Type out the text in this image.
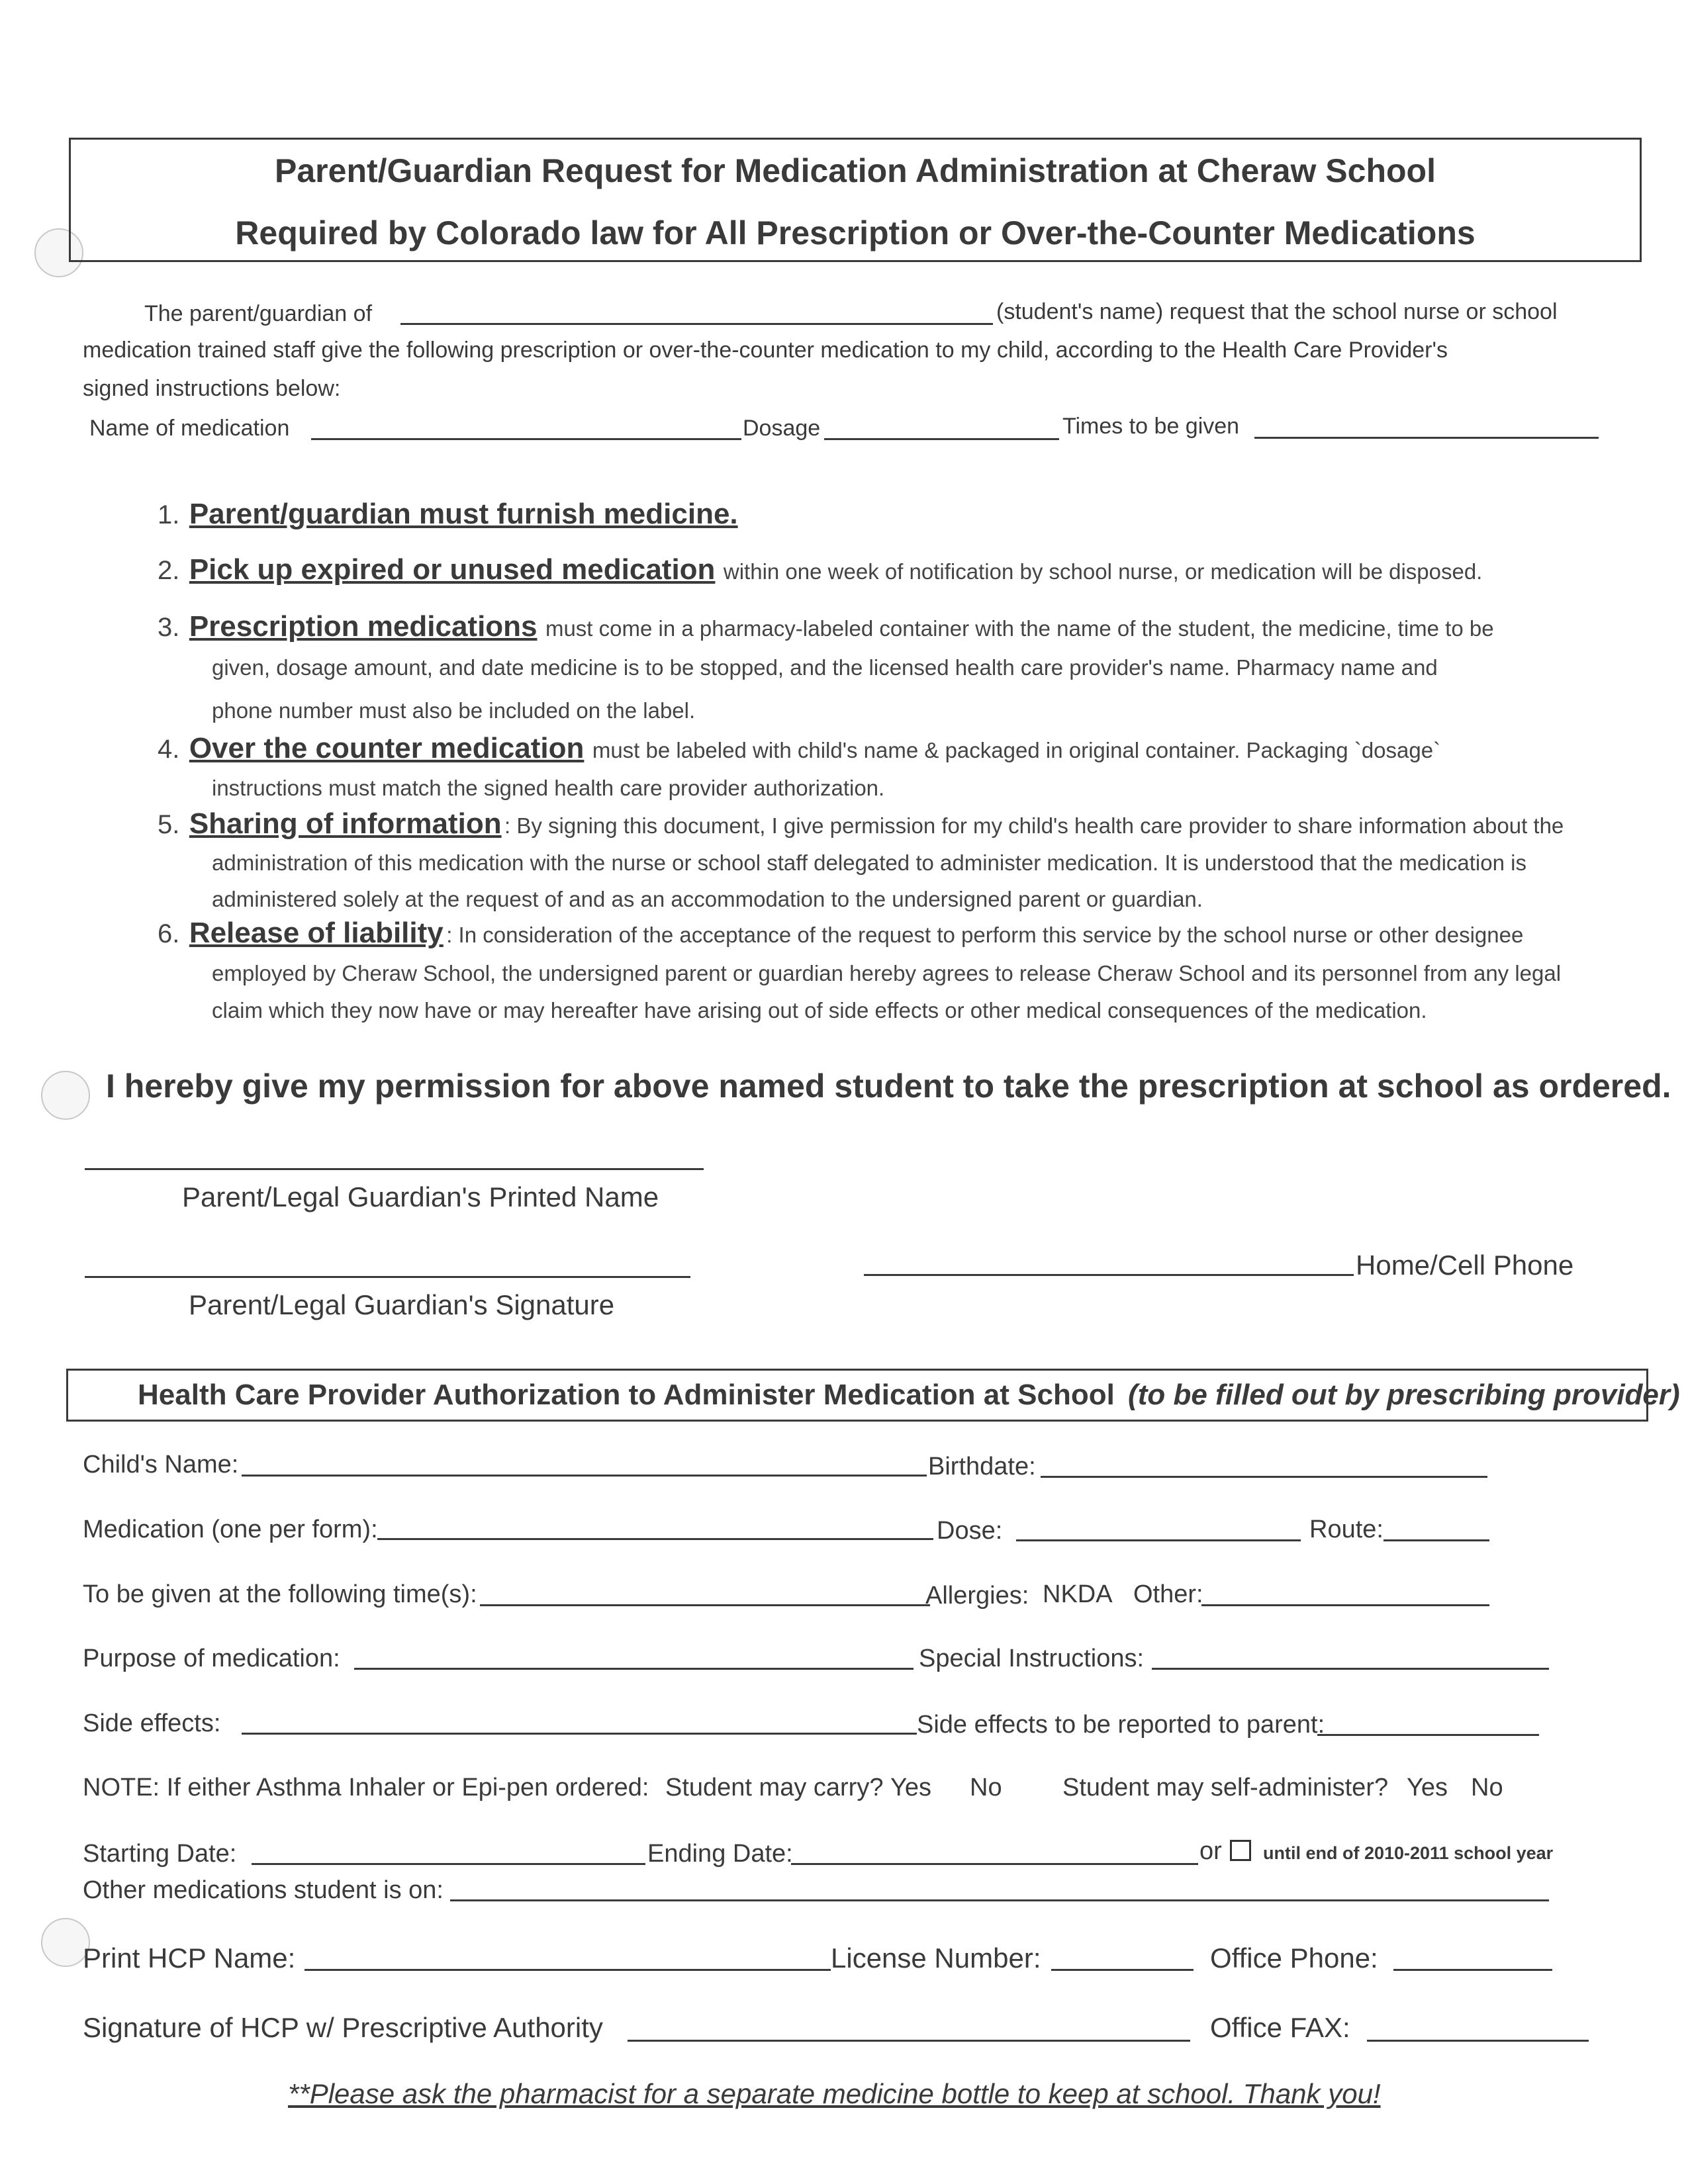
Parent/Guardian Request for Medication Administration at Cheraw School
Required by Colorado law for All Prescription or Over-the-Counter Medications
The parent/guardian of	(student's name) request that the school nurse or school
medication trained staff give the following prescription or over-the-counter medication to my child, according to the Health Care Provider's
signed instructions below:
Name of medication	Dosage	Times to be given
1. Parent/guardian must furnish medicine.
2. Pick up expired or unused medication within one week of notification by school nurse, or medication will be disposed.
3. Prescription medications must come in a pharmacy-labeled container with the name of the student, the medicine, time to be
given, dosage amount, and date medicine is to be stopped, and the licensed health care provider's name. Pharmacy name and
phone number must also be included on the label.
4. Over the counter medication must be labeled with child's name & packaged in original container. Packaging `dosage`
instructions must match the signed health care provider authorization.
5. Sharing of information : By signing this document, I give permission for my child's health care provider to share information about the
administration of this medication with the nurse or school staff delegated to administer medication. It is understood that the medication is
administered solely at the request of and as an accommodation to the undersigned parent or guardian.
6. Release of liability : In consideration of the acceptance of the request to perform this service by the school nurse or other designee
employed by Cheraw School, the undersigned parent or guardian hereby agrees to release Cheraw School and its personnel from any legal
claim which they now have or may hereafter have arising out of side effects or other medical consequences of the medication.
I hereby give my permission for above named student to take the prescription at school as ordered.
Parent/Legal Guardian's Printed Name
Parent/Legal Guardian's Signature
Home/Cell Phone
Health Care Provider Authorization to Administer Medication at School (to be filled out by prescribing provider)
Child's Name:	Birthdate:
Medication (one per form):	Dose:	Route:
To be given at the following time(s):	Allergies: NKDA Other:
Purpose of medication:	Special Instructions:
Side effects:	Side effects to be reported to parent:
NOTE: If either Asthma Inhaler or Epi-pen ordered: Student may carry? Yes No Student may self-administer? Yes No
Starting Date:	Ending Date:	or until end of 2010-2011 school year
Other medications student is on:
Print HCP Name:	License Number:	Office Phone:
Signature of HCP w/ Prescriptive Authority	Office FAX:
**Please ask the pharmacist for a separate medicine bottle to keep at school. Thank you!
